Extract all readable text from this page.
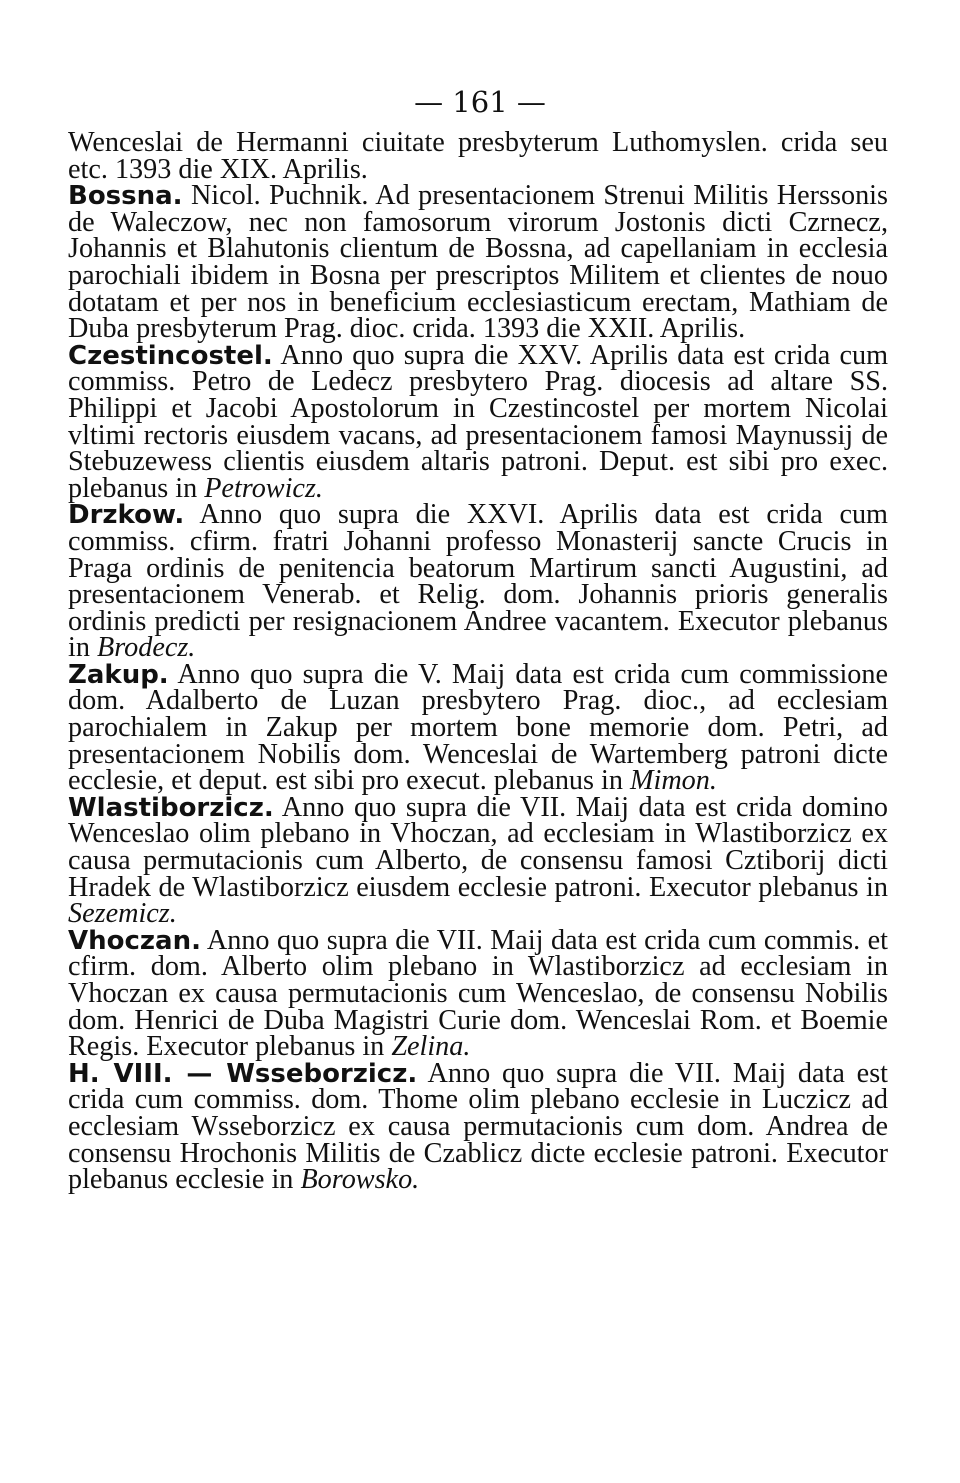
— 161 —

Wenceslai de Hermanni ciuitate presbyterum Luthomyslen. crida seu etc. 1393 die XIX. Aprilis.

Bossna. Nicol. Puchnik. Ad presentacionem Strenui Militis Herssonis de Waleczow, nec non famosorum virorum Jostonis dicti Czrnecz, Johannis et Blahutonis clientum de Bossna, ad capellaniam in ecclesia parochiali ibidem in Bosna per prescriptos Militem et clientes de nouo dotatam et per nos in beneficium ecclesiasticum erectam, Mathiam de Duba presbyterum Prag. dioc. crida. 1393 die XXII. Aprilis.

Czestincostel. Anno quo supra die XXV. Aprilis data est crida cum commiss. Petro de Ledecz presbytero Prag. diocesis ad altare SS. Philippi et Jacobi Apostolorum in Czestincostel per mortem Nicolai vltimi rectoris eiusdem vacans, ad presentacionem famosi Maynussij de Stebuzewess clientis eiusdem altaris patroni. Deput. est sibi pro exec. plebanus in Petrowicz.

Drzkow. Anno quo supra die XXVI. Aprilis data est crida cum commiss. cfirm. fratri Johanni professo Monasterij sancte Crucis in Praga ordinis de penitencia beatorum Martirum sancti Augustini, ad presentacionem Venerab. et Relig. dom. Johannis prioris generalis ordinis predicti per resignacionem Andree vacantem. Executor plebanus in Brodecz.

Zakup. Anno quo supra die V. Maij data est crida cum commissione dom. Adalberto de Luzan presbytero Prag. dioc., ad ecclesiam parochialem in Zakup per mortem bone memorie dom. Petri, ad presentacionem Nobilis dom. Wenceslai de Wartemberg patroni dicte ecclesie, et deput. est sibi pro execut. plebanus in Mimon.

Wlastiborzicz. Anno quo supra die VII. Maij data est crida domino Wenceslao olim plebano in Vhoczan, ad ecclesiam in Wlastiborzicz ex causa permutacionis cum Alberto, de consensu famosi Cztiborij dicti Hradek de Wlastiborzicz eiusdem ecclesie patroni. Executor plebanus in Sezemicz.

Vhoczan. Anno quo supra die VII. Maij data est crida cum commis. et cfirm. dom. Alberto olim plebano in Wlastiborzicz ad ecclesiam in Vhoczan ex causa permutacionis cum Wenceslao, de consensu Nobilis dom. Henrici de Duba Magistri Curie dom. Wenceslai Rom. et Boemie Regis. Executor plebanus in Zelina.

H. VIII. — Wsseborzicz. Anno quo supra die VII. Maij data est crida cum commiss. dom. Thome olim plebano ecclesie in Luczicz ad ecclesiam Wsseborzicz ex causa permutacionis cum dom. Andrea de consensu Hrochonis Militis de Czablicz dicte ecclesie patroni. Executor plebanus ecclesie in Borowsko.
